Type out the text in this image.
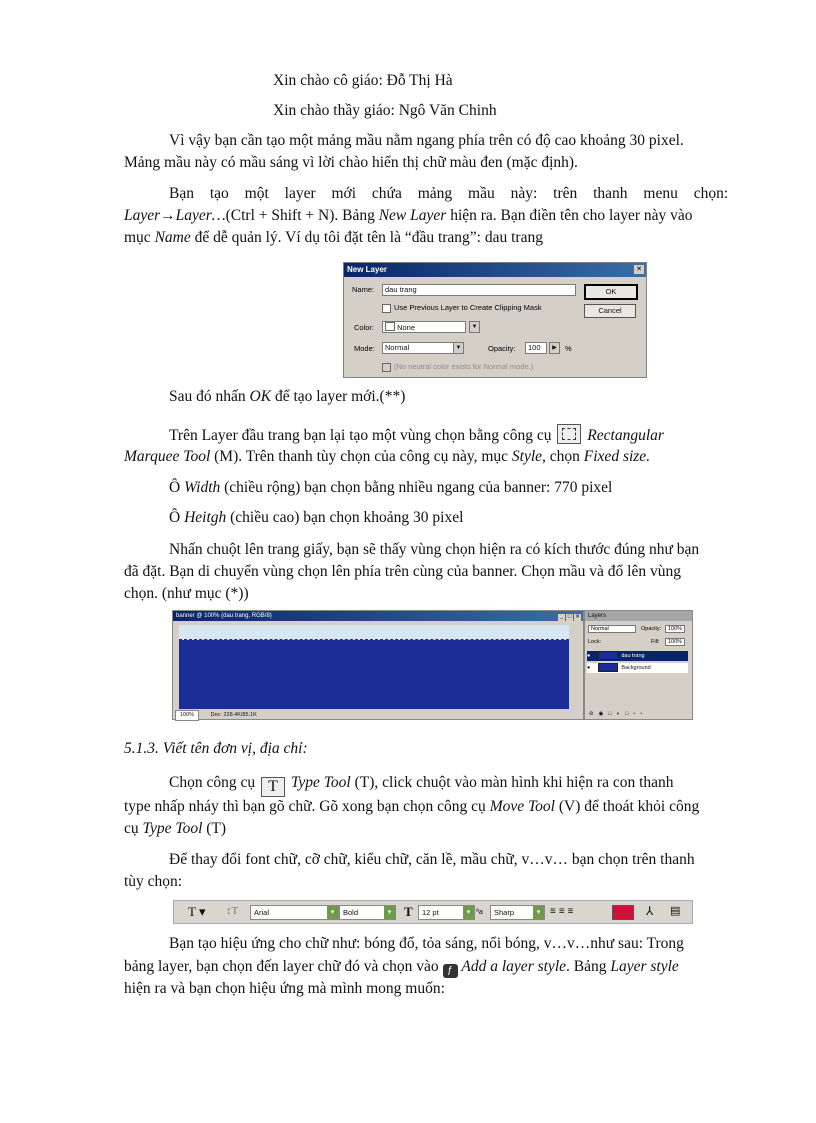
Xin chào cô giáo: Đỗ Thị Hà
Xin chào thầy giáo: Ngô Văn Chinh
Vì vậy bạn cần tạo một mảng mầu nằm ngang phía trên có độ cao khoảng 30 pixel.
Mảng mầu này có mầu sáng vì lời chào hiển thị chữ màu đen (mặc định).
Bạn tạo một layer mới chứa mảng mầu này: trên thanh menu chọn:
Layer→Layer…(Ctrl + Shift + N). Bảng New Layer hiện ra. Bạn điền tên cho layer này vào
mục Name để dễ quản lý. Ví dụ tôi đặt tên là “đầu trang”: dau trang
New Layer	✕
Name:	dau trang
Use Previous Layer to Create Clipping Mask
Color:	None	▼
Mode:	Normal	▼	Opacity:	100	▶	%
(No neutral color exists for Normal mode.)
OK
Cancel
Sau đó nhấn OK để tạo layer mới.(**)
Trên Layer đầu trang bạn lại tạo một vùng chọn bằng công cụ Rectangular
Marquee Tool (M). Trên thanh tùy chọn của công cụ này, mục Style, chọn Fixed size.
Ô Width (chiều rộng) bạn chọn bằng nhiều ngang của banner: 770 pixel
Ô Heitgh (chiều cao) bạn chọn khoảng 30 pixel
Nhấn chuột lên trang giấy, bạn sẽ thấy vùng chọn hiện ra có kích thước đúng như bạn
đã đặt. Bạn di chuyển vùng chọn lên phía trên cùng của banner. Chọn mầu và đổ lên vùng
chọn. (như mục (*))
banner @ 100% (dau trang, RGB/8)	_ □ ✕
100%	Doc: 228.4K/85.1K
Layers
Normal	Opacity:	100%
Lock:	Fill:	100%
●	dau trang
●	Background
⊘◉□◐□▫▫
5.1.3. Viết tên đơn vị, địa chỉ:
Chọn công cụ T Type Tool (T), click chuột vào màn hình khi hiện ra con thanh
type nhấp nháy thì bạn gõ chữ. Gõ xong bạn chọn công cụ Move Tool (V) để thoát khỏi công
cụ Type Tool (T)
Để thay đổi font chữ, cỡ chữ, kiểu chữ, căn lề, mầu chữ, v…v… bạn chọn trên thanh
tùy chọn:
T ▾ ↕T	Arial	▾	Bold	▾ T	12 pt	▾ ªa	Sharp	▾ ≡≡≡	⅄ ▤
Bạn tạo hiệu ứng cho chữ như: bóng đổ, tỏa sáng, nổi bóng, v…v…như sau: Trong
bảng layer, bạn chọn đến layer chữ đó và chọn vào ƒ Add a layer style. Bảng Layer style
hiện ra và bạn chọn hiệu ứng mà mình mong muốn:
